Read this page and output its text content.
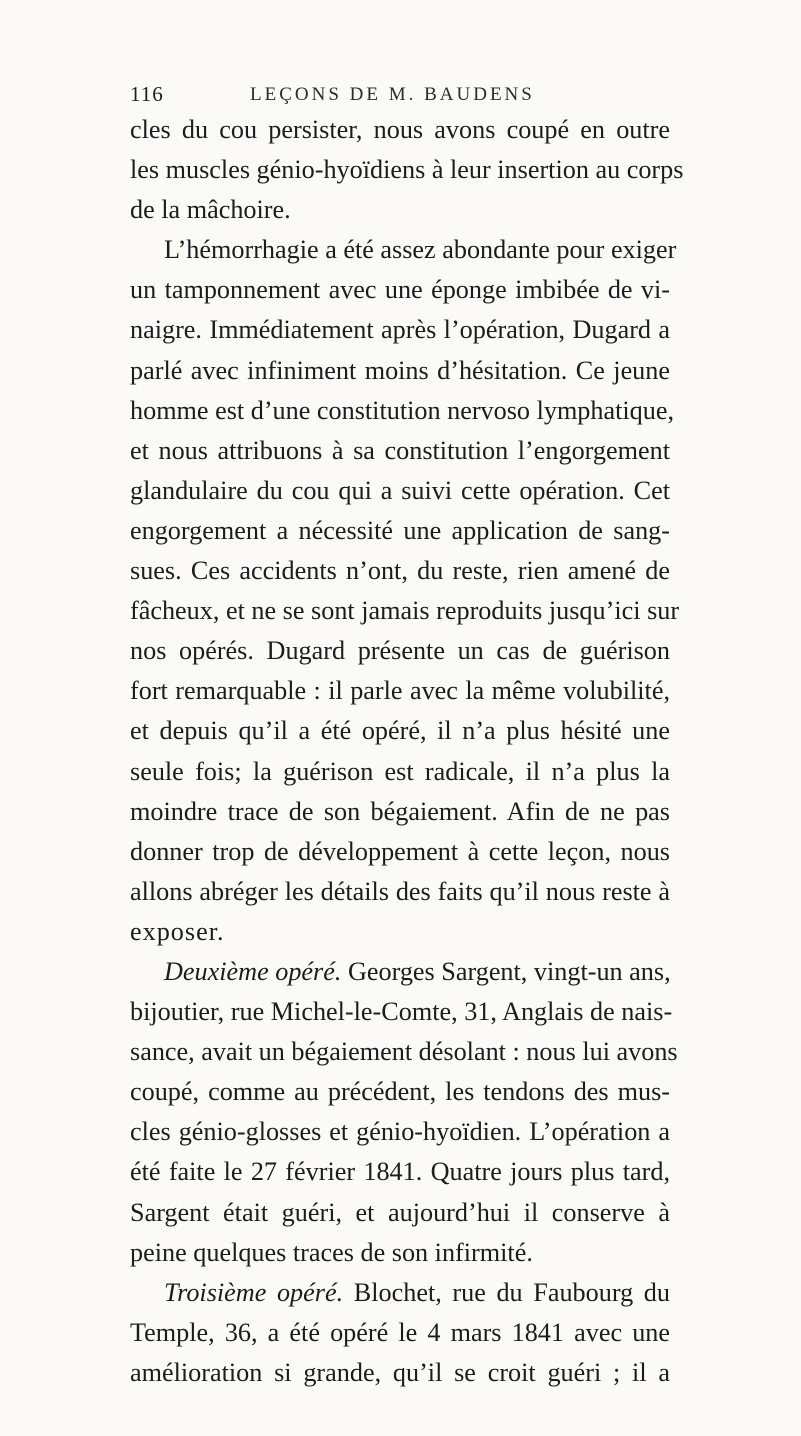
116	LEÇONS DE M. BAUDENS
cles du cou persister, nous avons coupé en outre
les muscles génio-hyoïdiens à leur insertion au corps
de la mâchoire.
L’hémorrhagie a été assez abondante pour exiger
un tamponnement avec une éponge imbibée de vi-
naigre. Immédiatement après l’opération, Dugard a
parlé avec infiniment moins d’hésitation. Ce jeune
homme est d’une constitution nervoso lymphatique,
et nous attribuons à sa constitution l’engorgement
glandulaire du cou qui a suivi cette opération. Cet
engorgement a nécessité une application de sang-
sues. Ces accidents n’ont, du reste, rien amené de
fâcheux, et ne se sont jamais reproduits jusqu’ici sur
nos opérés. Dugard présente un cas de guérison
fort remarquable : il parle avec la même volubilité,
et depuis qu’il a été opéré, il n’a plus hésité une
seule fois; la guérison est radicale, il n’a plus la
moindre trace de son bégaiement. Afin de ne pas
donner trop de développement à cette leçon, nous
allons abréger les détails des faits qu’il nous reste à
exposer.
Deuxième opéré. Georges Sargent, vingt-un ans,
bijoutier, rue Michel-le-Comte, 31, Anglais de nais-
sance, avait un bégaiement désolant : nous lui avons
coupé, comme au précédent, les tendons des mus-
cles génio-glosses et génio-hyoïdien. L’opération a
été faite le 27 février 1841. Quatre jours plus tard,
Sargent était guéri, et aujourd’hui il conserve à
peine quelques traces de son infirmité.
Troisième opéré. Blochet, rue du Faubourg du
Temple, 36, a été opéré le 4 mars 1841 avec une
amélioration si grande, qu’il se croit guéri ; il a
